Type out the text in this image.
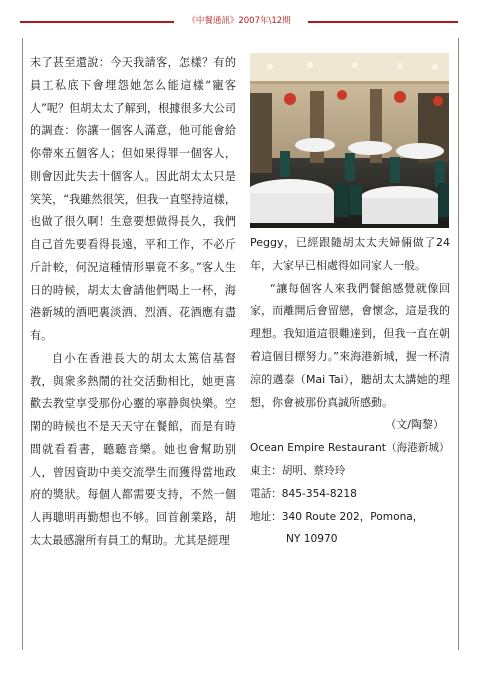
《中餐通訊》2007年\12期

末了甚至還說：今天我請客，怎樣？有的員工私底下會埋怨她怎么能這樣“寵客人”呢？但胡太太了解到，根據很多大公司的調查：你讓一個客人滿意，他可能會給你帶來五個客人；但如果得罪一個客人，則會因此失去十個客人。因此胡太太只是笑笑，“我雖然很笑，但我一直堅持這樣，也做了很久啊！生意要想做得長久，我們自己首先要看得長遠，平和工作，不必斤斤計較，何況這種情形畢竟不多。”客人生日的時候，胡太太會請他們喝上一杯，海港新城的酒吧裏淡酒、烈酒、花酒應有盡有。

自小在香港長大的胡太太篤信基督教，與衆多熱鬧的社交活動相比，她更喜歡去教堂享受那份心靈的寧静與快樂。空閑的時候也不是天天守在餐館，而是有時間就看看書，聽聽音樂。她也會幫助别人，曾因資助中美交流學生而獲得當地政府的獎狀。每個人都需要支持，不然一個人再聰明再勤想也不够。回首創業路，胡太太最感謝所有員工的幫助。尤其是經理

Peggy，已經跟隨胡太太夫婦倆做了24年，大家早已相處得如同家人一般。

“讓每個客人來我們餐館感覺就像回家，而離開后會留戀，會懷念，這是我的理想。我知道這很難達到，但我一直在朝着這個目標努力。”來海港新城，握一杯清涼的邁泰（Mai Tai），聽胡太太講她的理想，你會被那份真誠所感動。

（文/陶黎）

Ocean Empire Restaurant（海港新城）
東主：胡明、蔡玲玲
電話：845-354-8218
地址：340 Route 202，Pomona，
NY 10970
